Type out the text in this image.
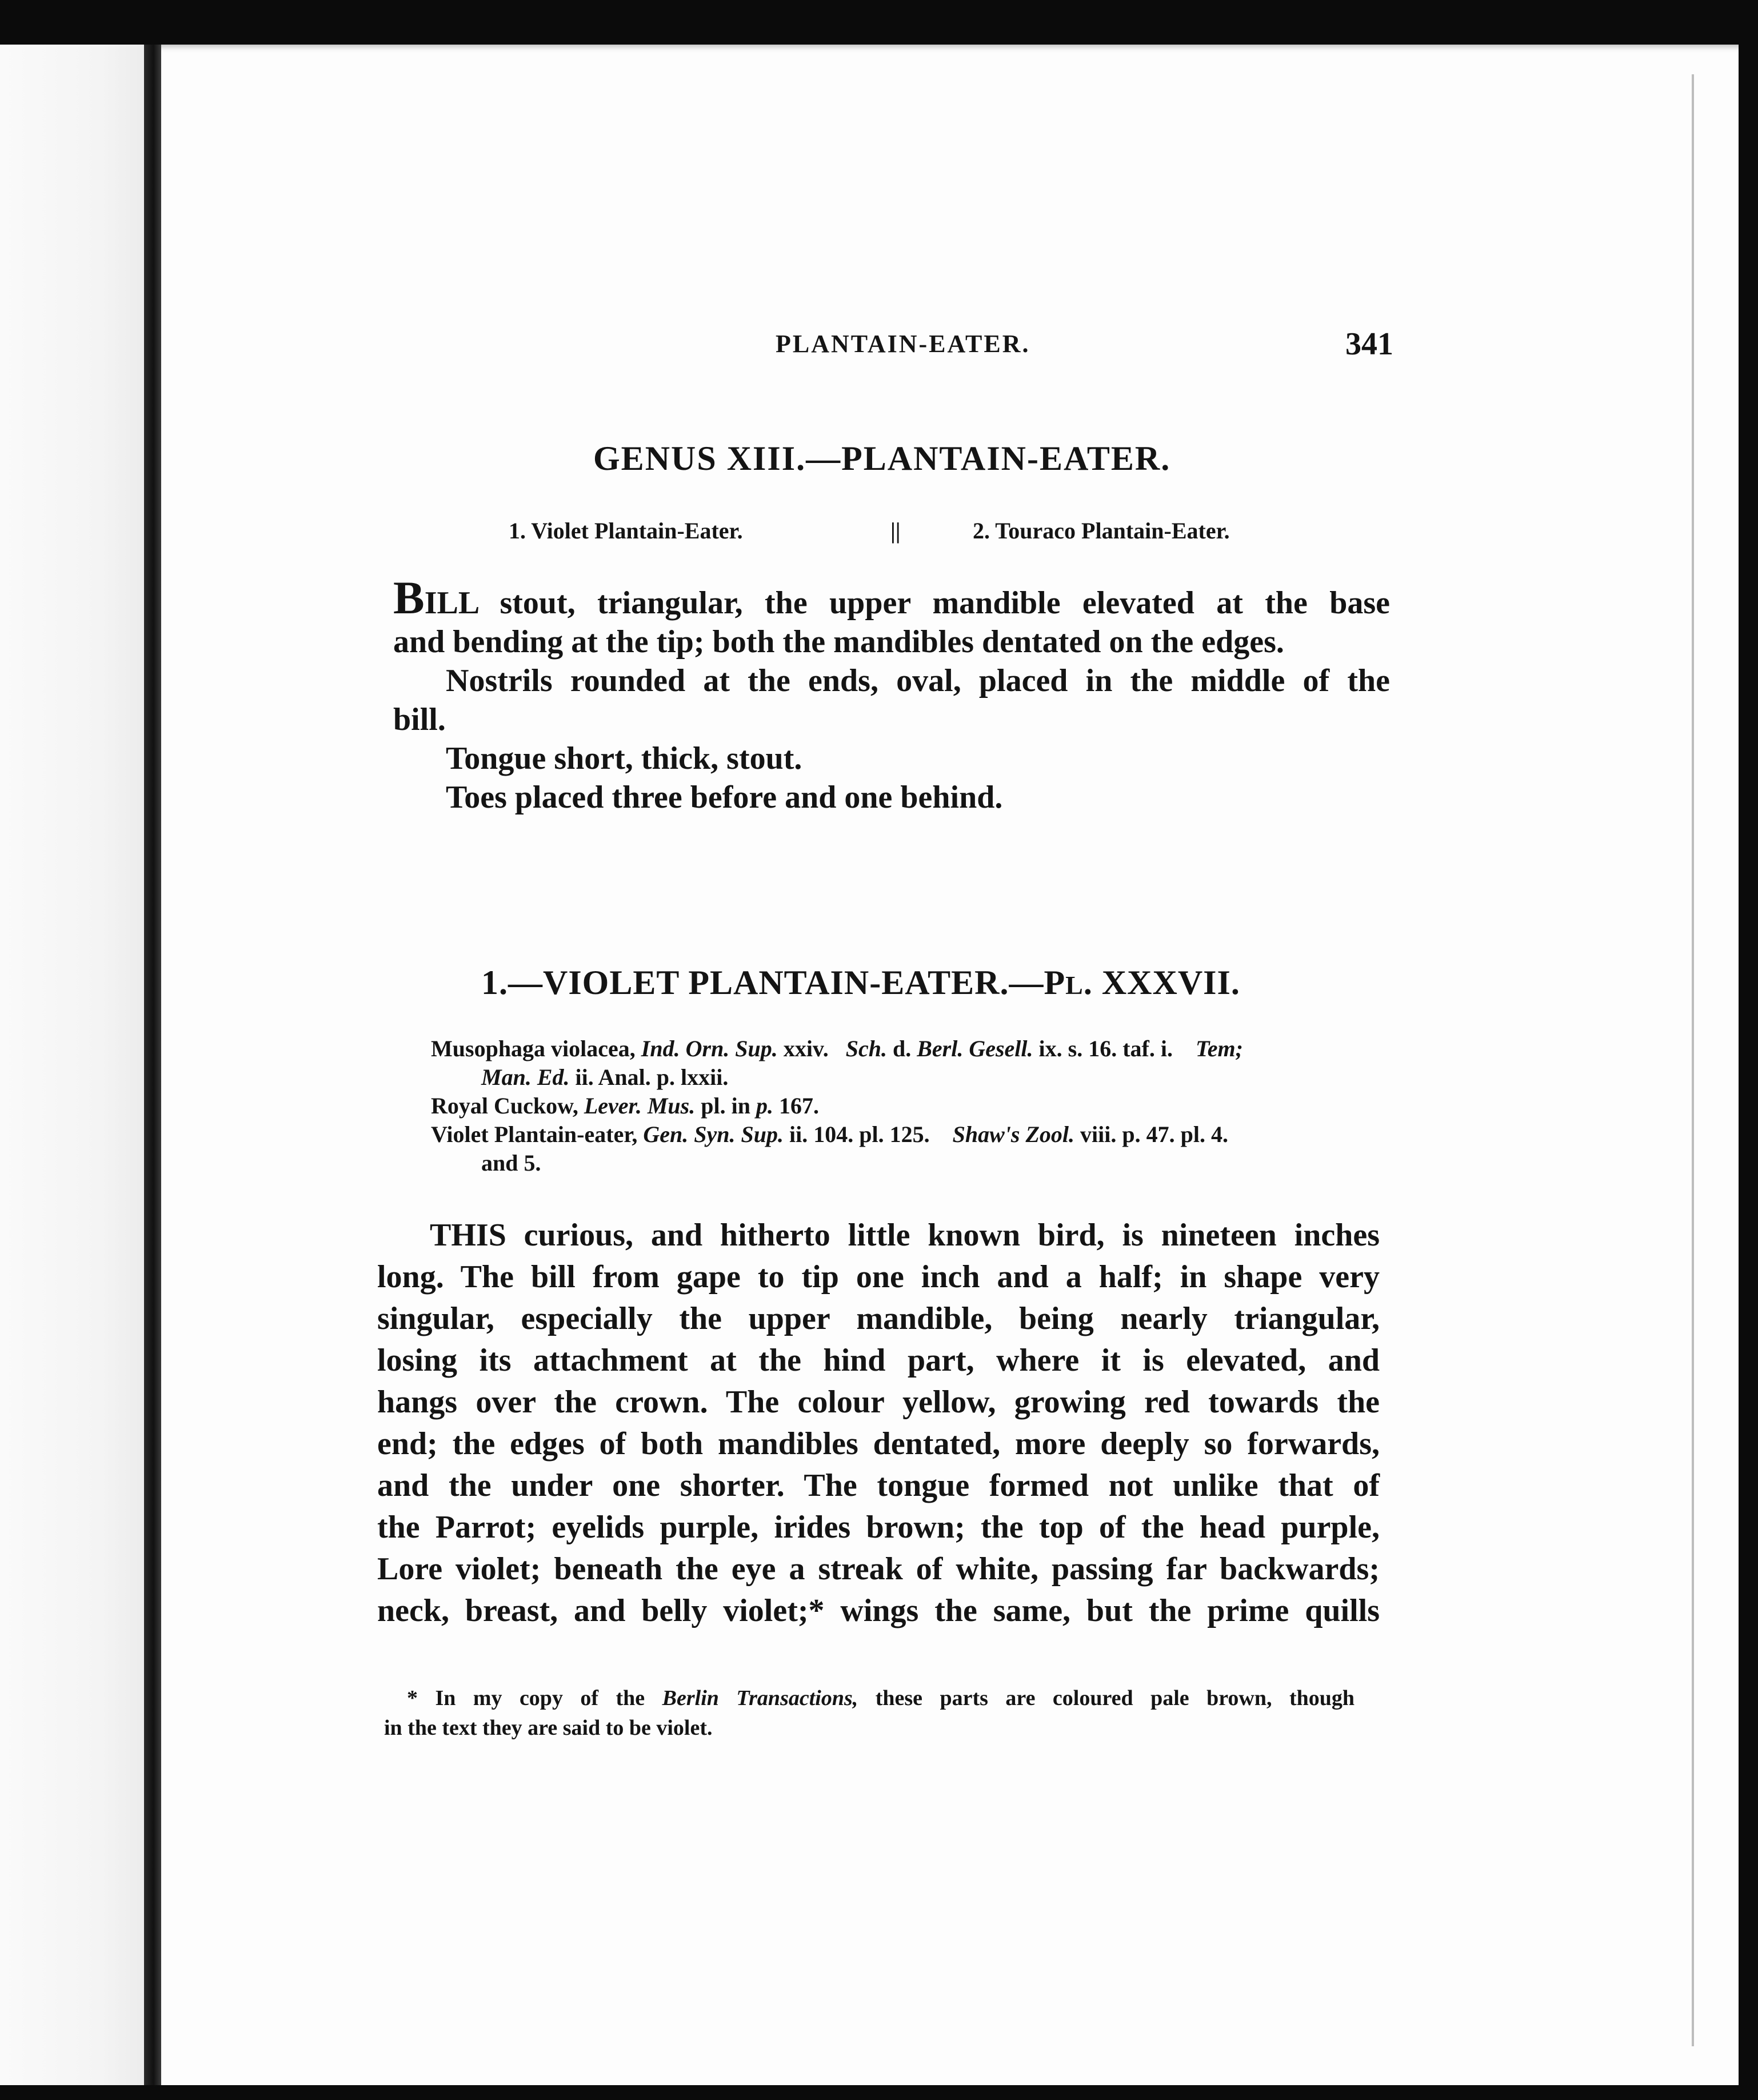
PLANTAIN-EATER.	341
GENUS XIII.—PLANTAIN-EATER.
1. Violet Plantain-Eater.	||	2. Touraco Plantain-Eater.
BILL stout, triangular, the upper mandible elevated at the base
and bending at the tip; both the mandibles dentated on the edges.
Nostrils rounded at the ends, oval, placed in the middle of the
bill.
Tongue short, thick, stout.
Toes placed three before and one behind.
1.—VIOLET PLANTAIN-EATER.—PL. XXXVII.
Musophaga violacea, Ind. Orn. Sup. xxiv. Sch. d. Berl. Gesell. ix. s. 16. taf. i. Tem;
Man. Ed. ii. Anal. p. lxxii.
Royal Cuckow, Lever. Mus. pl. in p. 167.
Violet Plantain-eater, Gen. Syn. Sup. ii. 104. pl. 125. Shaw's Zool. viii. p. 47. pl. 4.
and 5.
THIS curious, and hitherto little known bird, is nineteen inches
long. The bill from gape to tip one inch and a half; in shape very
singular, especially the upper mandible, being nearly triangular,
losing its attachment at the hind part, where it is elevated, and
hangs over the crown. The colour yellow, growing red towards the
end; the edges of both mandibles dentated, more deeply so forwards,
and the under one shorter. The tongue formed not unlike that of
the Parrot; eyelids purple, irides brown; the top of the head purple,
Lore violet; beneath the eye a streak of white, passing far backwards;
neck, breast, and belly violet;* wings the same, but the prime quills
* In my copy of the Berlin Transactions, these parts are coloured pale brown, though
in the text they are said to be violet.
